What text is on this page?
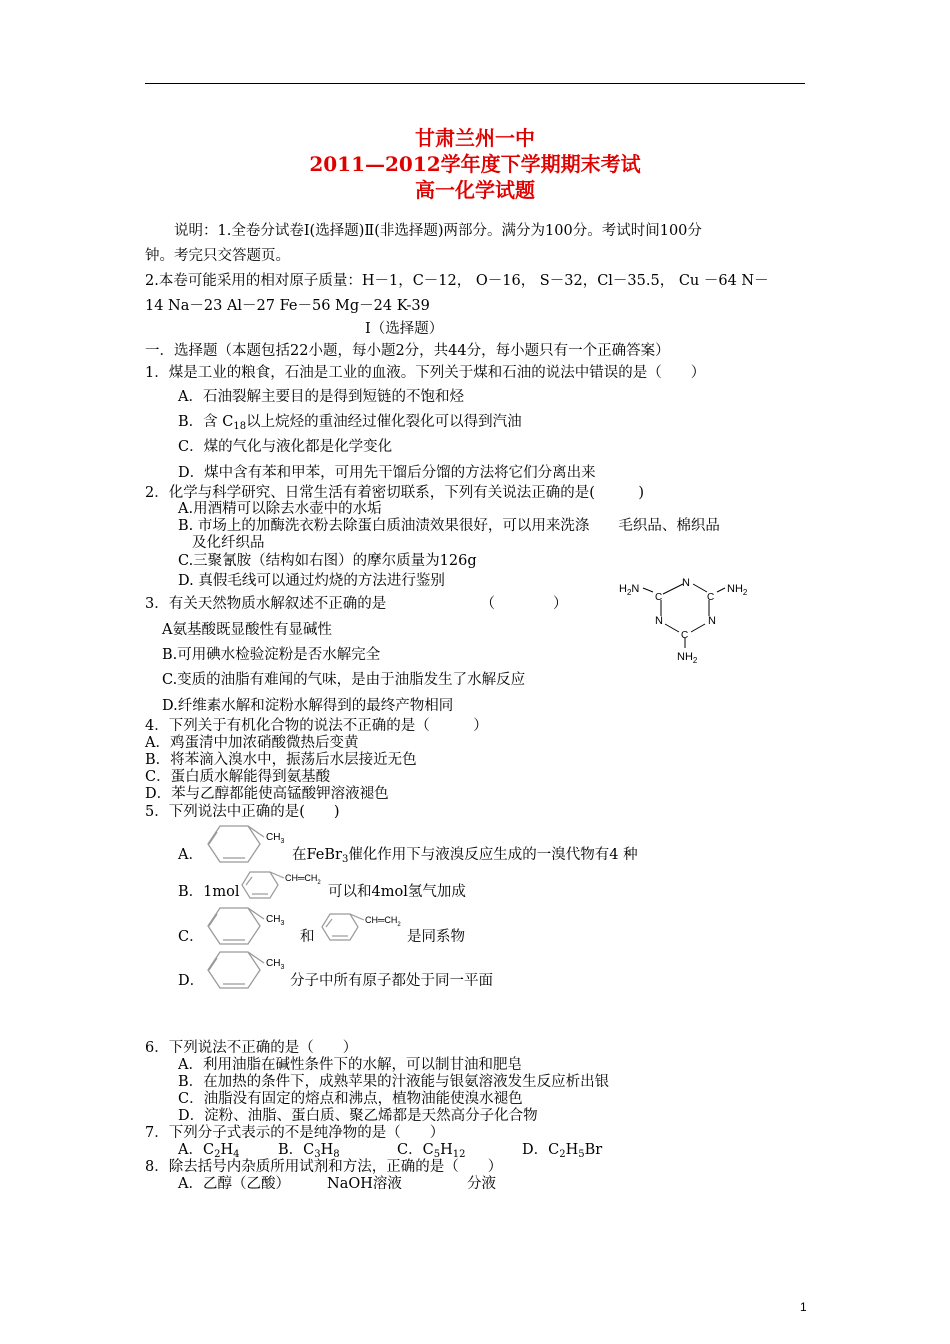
甘肃兰州一中
2011—2012学年度下学期期末考试
高一化学试题
说明：1.全卷分试卷Ⅰ(选择题)Ⅱ(非选择题)两部分。满分为100分。考试时间100分
钟。考完只交答题页。
2.本卷可能采用的相对原子质量：H－1，C－12， O－16， S－32，Cl－35.5， Cu －64 N－
14 Na－23 Al－27 Fe－56 Mg－24 K-39
Ⅰ（选择题）
一．选择题（本题包括22小题，每小题2分，共44分，每小题只有一个正确答案）
1．煤是工业的粮食，石油是工业的血液。下列关于煤和石油的说法中错误的是（　　）
A．石油裂解主要目的是得到短链的不饱和烃
B．含 $C_{18}$以上烷烃的重油经过催化裂化可以得到汽油
C．煤的气化与液化都是化学变化
D．煤中含有苯和甲苯，可用先干馏后分馏的方法将它们分离出来
2．化学与科学研究、日常生活有着密切联系，下列有关说法正确的是(　　　)
A.用酒精可以除去水壶中的水垢
B. 市场上的加酶洗衣粉去除蛋白质油渍效果很好，可以用来洗涤　　毛织品、棉织品
及化纤织品
C.三聚氰胺（结构如右图）的摩尔质量为126g
D. 真假毛线可以通过灼烧的方法进行鉴别	$H_2N$	N
C	C
$NH_2$
N	N
C
$NH_2$
3．有关天然物质水解叙述不正确的是　　　　　　　（　　　　）
A氨基酸既显酸性有显碱性
B.可用碘水检验淀粉是否水解完全
C.变质的油脂有难闻的气味，是由于油脂发生了水解反应
D.纤维素水解和淀粉水解得到的最终产物相同
4．下列关于有机化合物的说法不正确的是（　　　）
A．鸡蛋清中加浓硝酸微热后变黄
B．将苯滴入溴水中，振荡后水层接近无色
C．蛋白质水解能得到氨基酸
D．苯与乙醇都能使高锰酸钾溶液褪色
5．下列说法中正确的是(　　)
A．
$CH_3$
在FeBr$_3$催化作用下与液溴反应生成的一溴代物有4 种
B．1mol
$CH═CH_2$
可以和4mol氢气加成
C．
$CH_3$
和
$CH═CH_2$
是同系物
D．
$CH_3$
分子中所有原子都处于同一平面
6．下列说法不正确的是（　　）
A．利用油脂在碱性条件下的水解，可以制甘油和肥皂
B．在加热的条件下，成熟苹果的汁液能与银氨溶液发生反应析出银
C．油脂没有固定的熔点和沸点，植物油能使溴水褪色
D．淀粉、油脂、蛋白质、聚乙烯都是天然高分子化合物
7．下列分子式表示的不是纯净物的是（　　）
A．$C_2H_4$	B．$C_3H_8$	C．$C_5H_{12}$	D．$C_2H_5Br$
8．除去括号内杂质所用试剂和方法，正确的是（　　）
A．乙醇（乙酸）	NaOH溶液	分液
1
